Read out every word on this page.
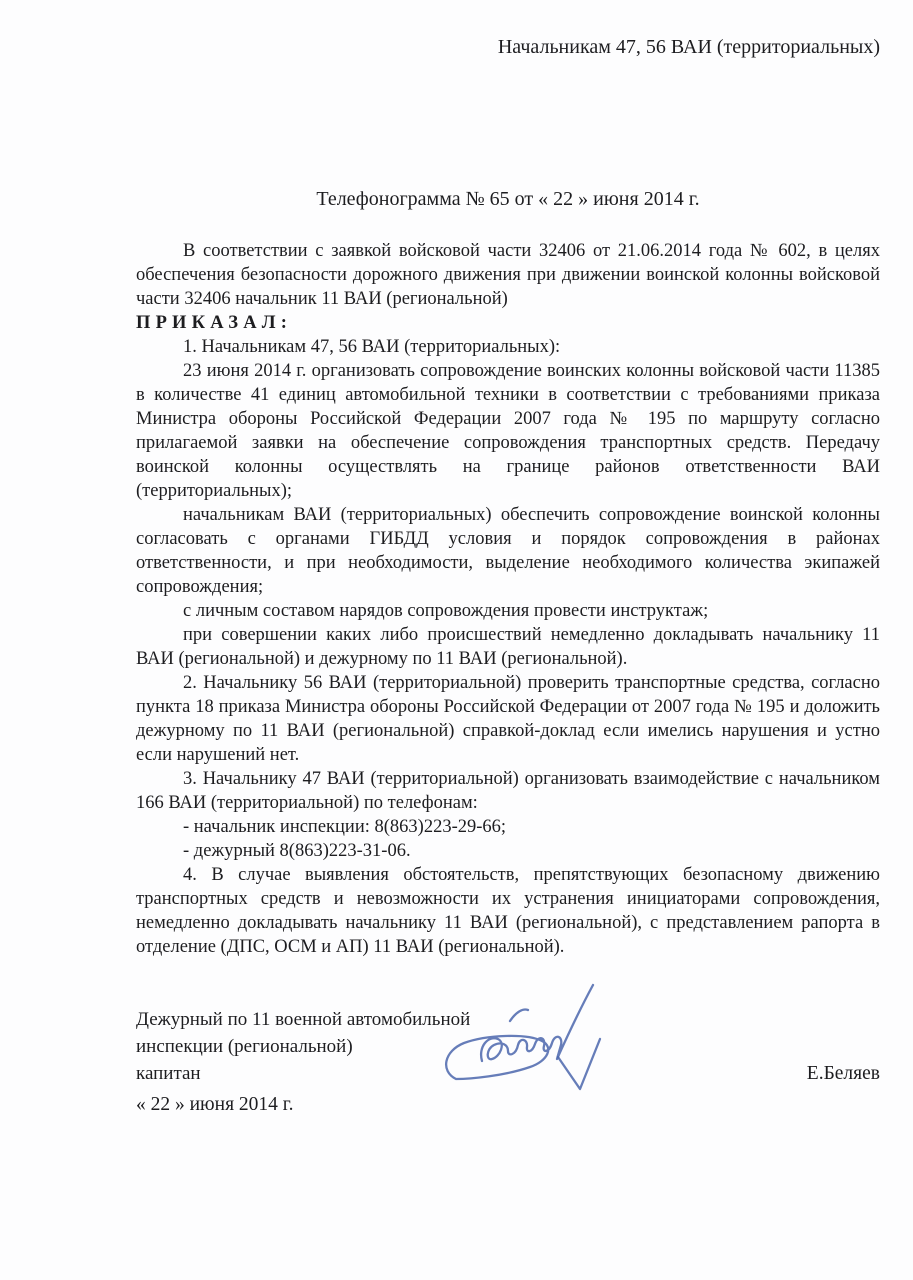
Начальникам 47, 56 ВАИ (территориальных)
Телефонограмма № 65 от « 22 » июня 2014 г.

В соответствии с заявкой войсковой части 32406 от 21.06.2014 года № 602, в целях обеспечения безопасности дорожного движения при движении воинской колонны войсковой части 32406 начальник 11 ВАИ (региональной)

ПРИКАЗАЛ:

1. Начальникам 47, 56 ВАИ (территориальных):

23 июня 2014 г. организовать сопровождение воинских колонны войсковой части 11385 в количестве 41 единиц автомобильной техники в соответствии с требованиями приказа Министра обороны Российской Федерации 2007 года № 195 по маршруту согласно прилагаемой заявки на обеспечение сопровождения транспортных средств. Передачу воинской колонны осуществлять на границе районов ответственности ВАИ (территориальных);

начальникам ВАИ (территориальных) обеспечить сопровождение воинской колонны согласовать с органами ГИБДД условия и порядок сопровождения в районах ответственности, и при необходимости, выделение необходимого количества экипажей сопровождения;

с личным составом нарядов сопровождения провести инструктаж;

при совершении каких либо происшествий немедленно докладывать начальнику 11 ВАИ (региональной) и дежурному по 11 ВАИ (региональной).

2. Начальнику 56 ВАИ (территориальной) проверить транспортные средства, согласно пункта 18 приказа Министра обороны Российской Федерации от 2007 года № 195 и доложить дежурному по 11 ВАИ (региональной) справкой-доклад если имелись нарушения и устно если нарушений нет.

3. Начальнику 47 ВАИ (территориальной) организовать взаимодействие с начальником 166 ВАИ (территориальной) по телефонам:

- начальник инспекции: 8(863)223-29-66;

- дежурный 8(863)223-31-06.

4. В случае выявления обстоятельств, препятствующих безопасному движению транспортных средств и невозможности их устранения инициаторами сопровождения, немедленно докладывать начальнику 11 ВАИ (региональной), с представлением рапорта в отделение (ДПС, ОСМ и АП) 11 ВАИ (региональной).

Дежурный по 11 военной автомобильной
инспекции (региональной)
капитан	Е.Беляев
« 22 » июня 2014 г.
